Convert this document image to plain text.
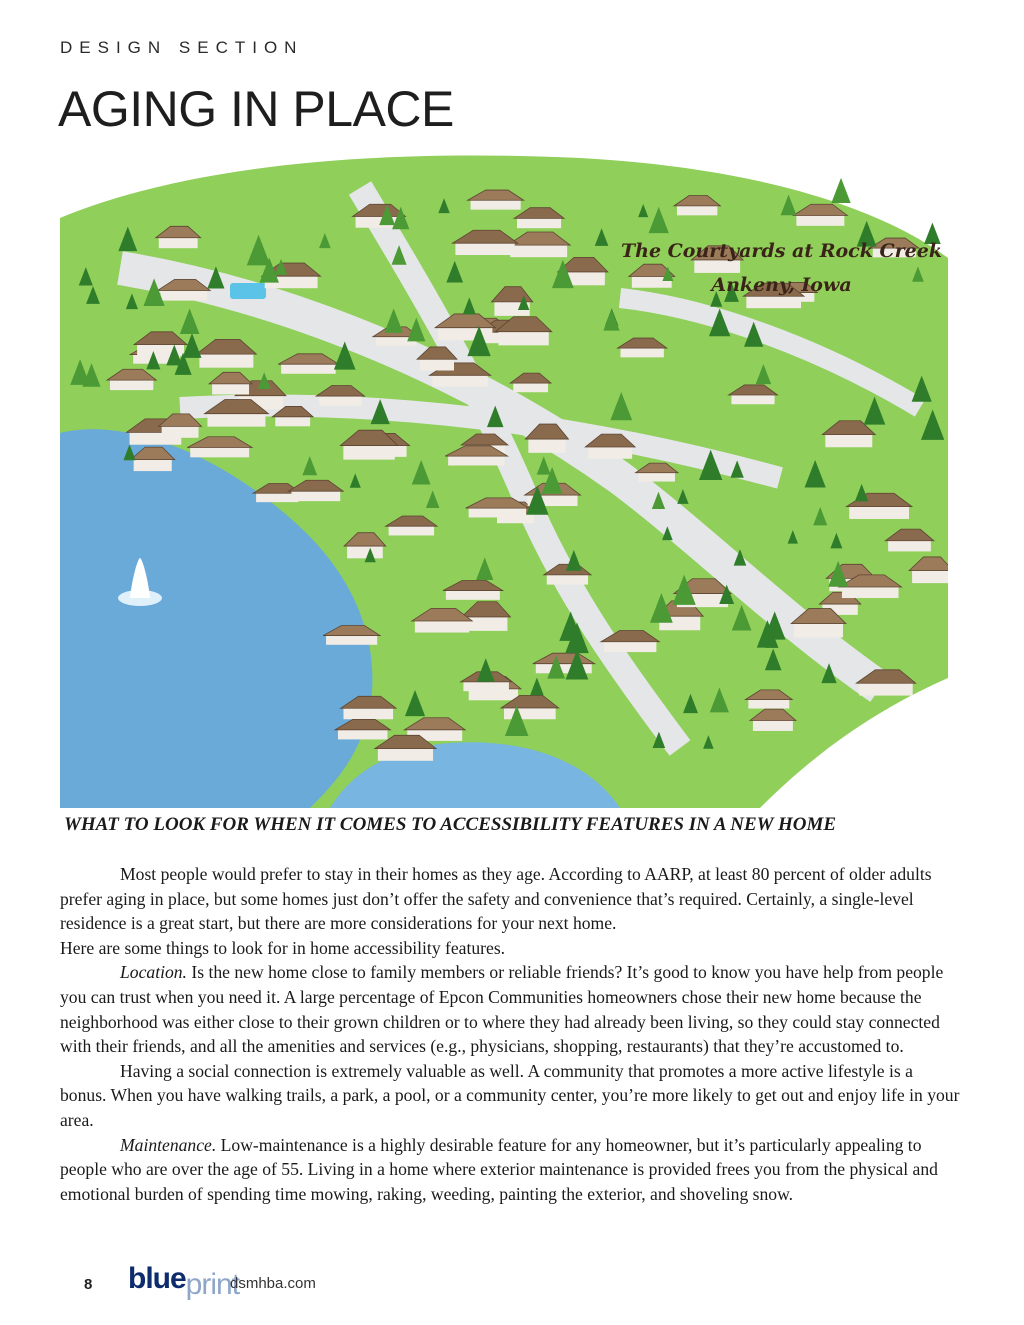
DESIGN SECTION
AGING IN PLACE
The Courtyards at Rock Creek
Ankeny, Iowa
WHAT TO LOOK FOR WHEN IT COMES TO ACCESSIBILITY FEATURES IN A NEW HOME

Most people would prefer to stay in their homes as they age. According to AARP, at least 80 percent of older adults prefer aging in place, but some homes just don’t offer the safety and convenience that’s required. Certainly, a single-level residence is a great start, but there are more considerations for your next home.

Here are some things to look for in home accessibility features.

Location. Is the new home close to family members or reliable friends? It’s good to know you have help from people you can trust when you need it. A large percentage of Epcon Communities homeowners chose their new home because the neighborhood was either close to their grown children or to where they had already been living, so they could stay connected with their friends, and all the amenities and services (e.g., physicians, shopping, restaurants) that they’re accustomed to.

Having a social connection is extremely valuable as well. A community that promotes a more active lifestyle is a bonus. When you have walking trails, a park, a pool, or a community center, you’re more likely to get out and enjoy life in your area.

Maintenance. Low-maintenance is a highly desirable feature for any homeowner, but it’s particularly appealing to people who are over the age of 55. Living in a home where exterior maintenance is provided frees you from the physical and emotional burden of spending time mowing, raking, weeding, painting the exterior, and shoveling snow.

8 blueprint
dsmhba.com
